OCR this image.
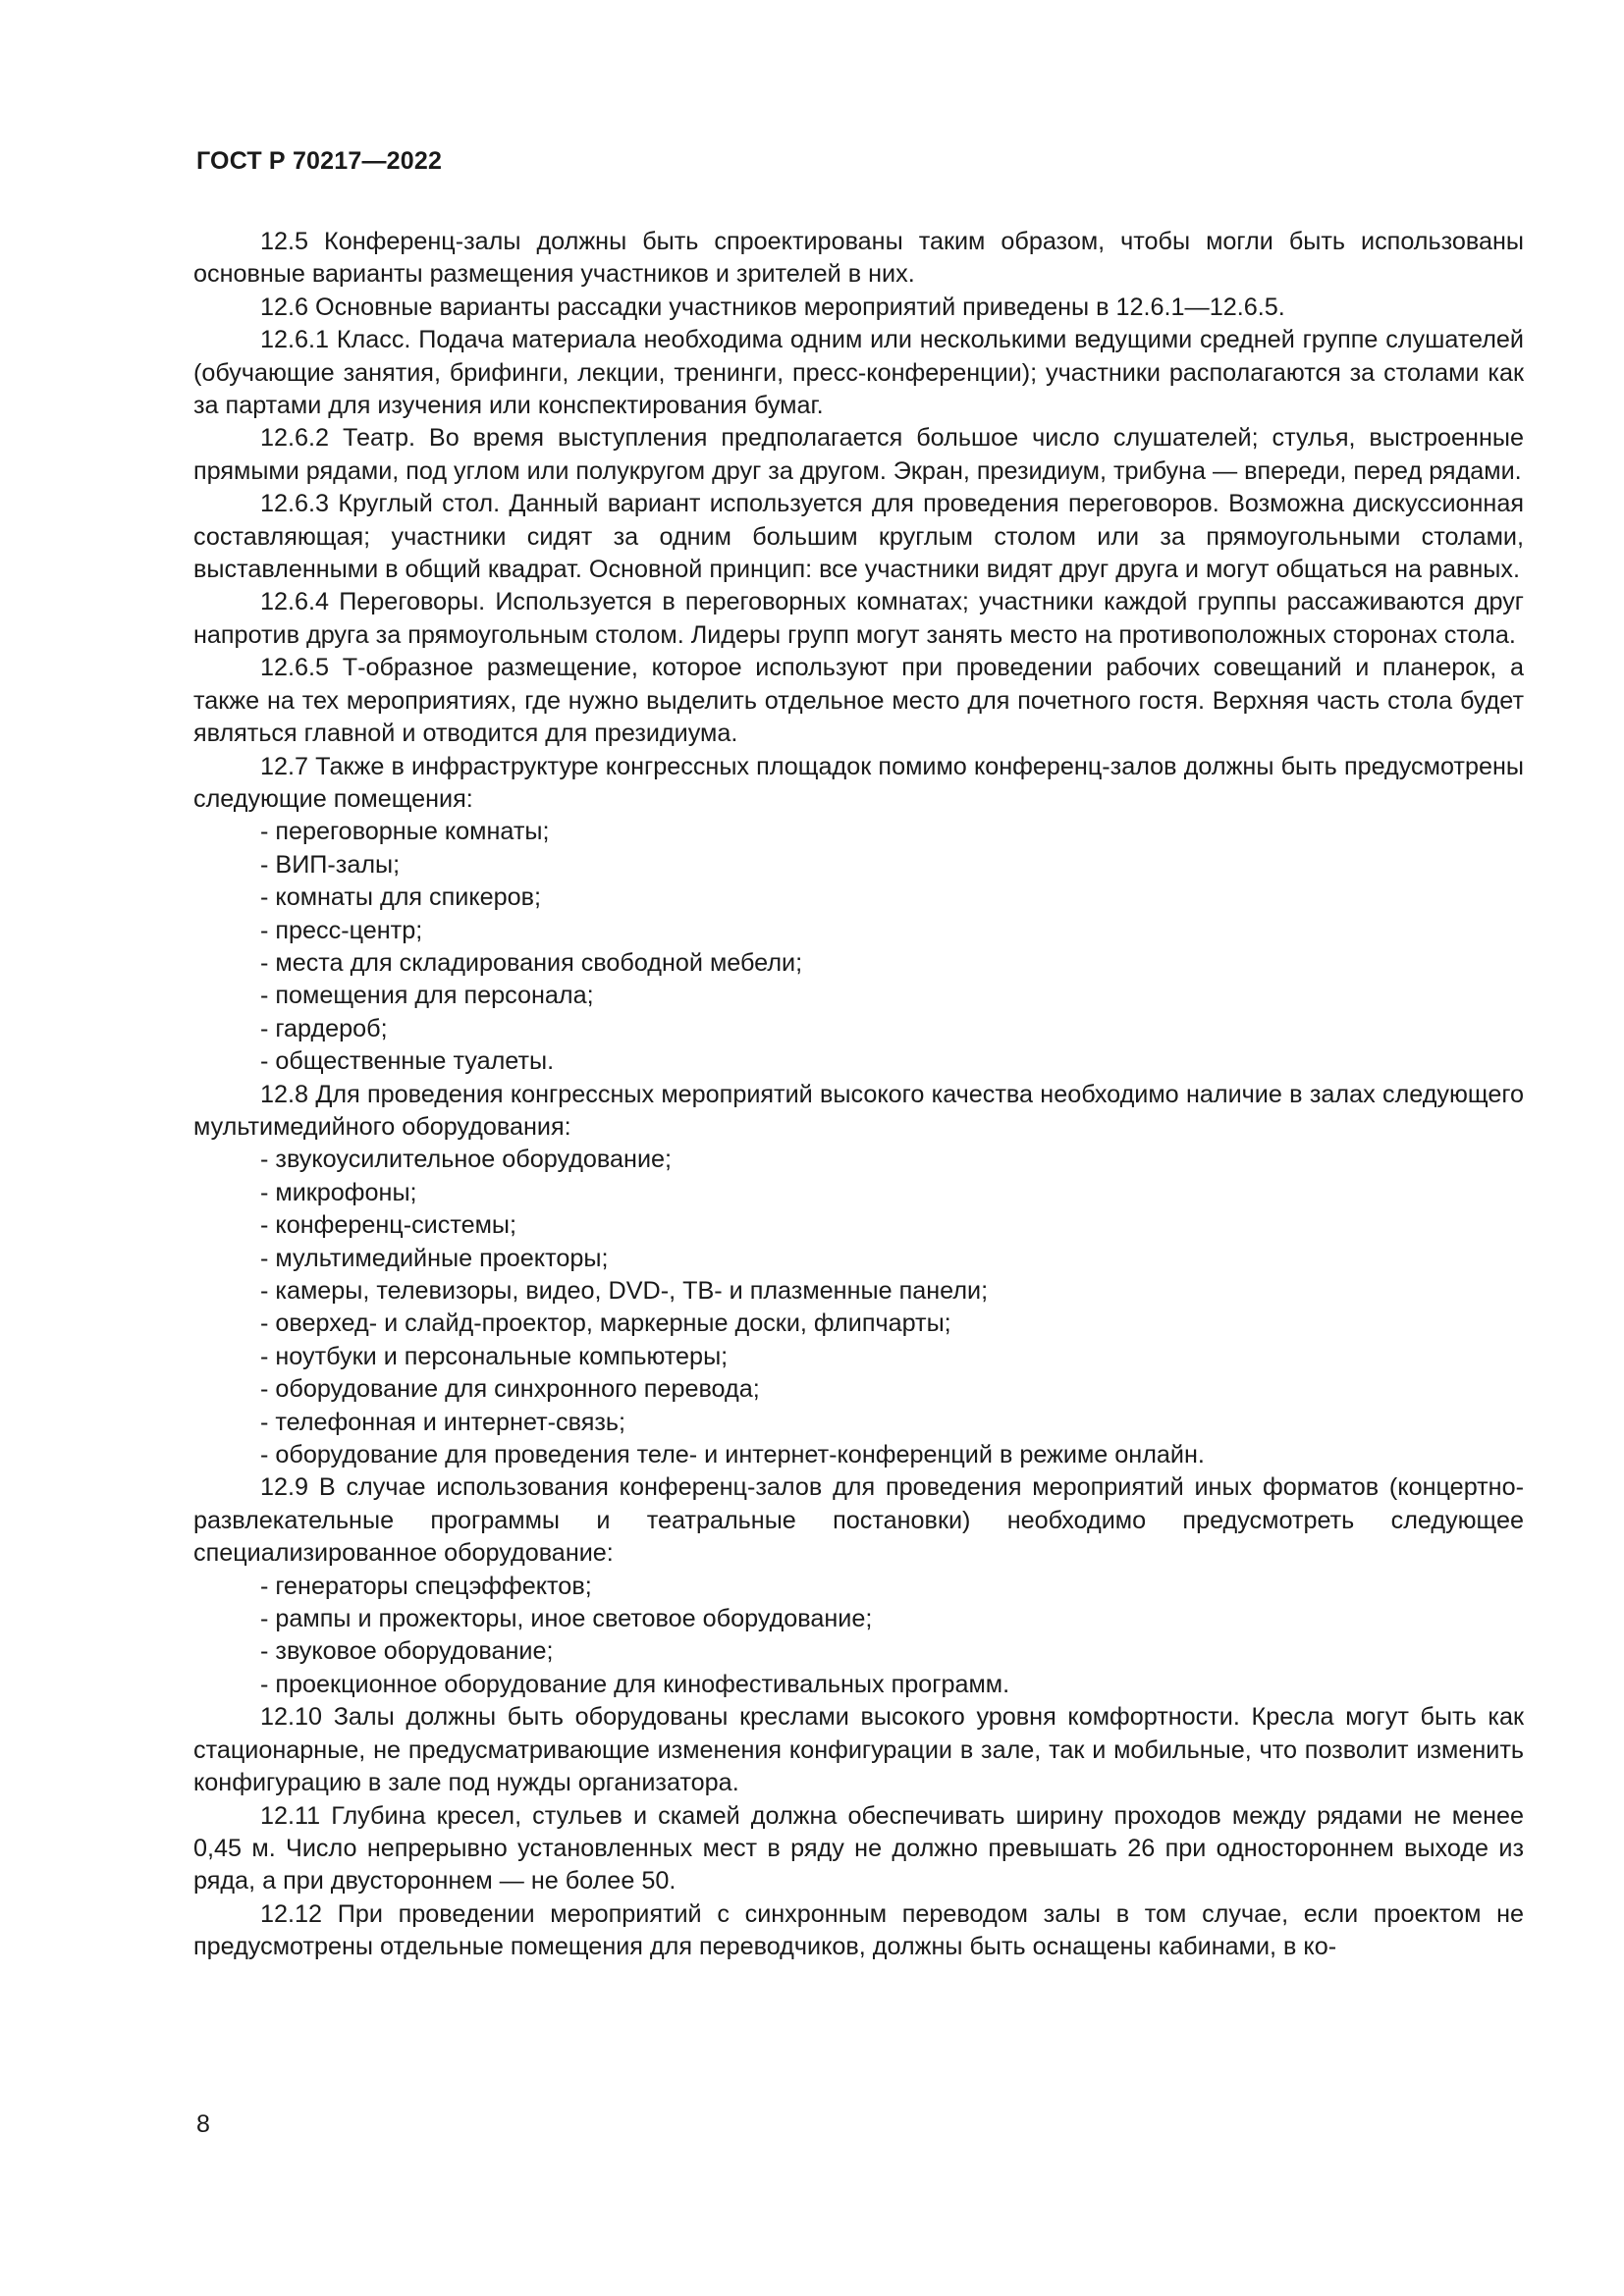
ГОСТ Р 70217—2022

12.5 Конференц-залы должны быть спроектированы таким образом, чтобы могли быть использованы основные варианты размещения участников и зрителей в них.

12.6 Основные варианты рассадки участников мероприятий приведены в 12.6.1—12.6.5.

12.6.1 Класс. Подача материала необходима одним или несколькими ведущими средней группе слушателей (обучающие занятия, брифинги, лекции, тренинги, пресс-конференции); участники располагаются за столами как за партами для изучения или конспектирования бумаг.

12.6.2 Театр. Во время выступления предполагается большое число слушателей; стулья, выстроенные прямыми рядами, под углом или полукругом друг за другом. Экран, президиум, трибуна — впереди, перед рядами.

12.6.3 Круглый стол. Данный вариант используется для проведения переговоров. Возможна дискуссионная составляющая; участники сидят за одним большим круглым столом или за прямоугольными столами, выставленными в общий квадрат. Основной принцип: все участники видят друг друга и могут общаться на равных.

12.6.4 Переговоры. Используется в переговорных комнатах; участники каждой группы рассаживаются друг напротив друга за прямоугольным столом. Лидеры групп могут занять место на противоположных сторонах стола.

12.6.5 Т-образное размещение, которое используют при проведении рабочих совещаний и планерок, а также на тех мероприятиях, где нужно выделить отдельное место для почетного гостя. Верхняя часть стола будет являться главной и отводится для президиума.

12.7 Также в инфраструктуре конгрессных площадок помимо конференц-залов должны быть предусмотрены следующие помещения:

- переговорные комнаты;
- ВИП-залы;
- комнаты для спикеров;
- пресс-центр;
- места для складирования свободной мебели;
- помещения для персонала;
- гардероб;
- общественные туалеты.

12.8 Для проведения конгрессных мероприятий высокого качества необходимо наличие в залах следующего мультимедийного оборудования:

- звукоусилительное оборудование;
- микрофоны;
- конференц-системы;
- мультимедийные проекторы;
- камеры, телевизоры, видео, DVD-, ТВ- и плазменные панели;
- оверхед- и слайд-проектор, маркерные доски, флипчарты;
- ноутбуки и персональные компьютеры;
- оборудование для синхронного перевода;
- телефонная и интернет-связь;
- оборудование для проведения теле- и интернет-конференций в режиме онлайн.

12.9 В случае использования конференц-залов для проведения мероприятий иных форматов (концертно-развлекательные программы и театральные постановки) необходимо предусмотреть следующее специализированное оборудование:

- генераторы спецэффектов;
- рампы и прожекторы, иное световое оборудование;
- звуковое оборудование;
- проекционное оборудование для кинофестивальных программ.

12.10 Залы должны быть оборудованы креслами высокого уровня комфортности. Кресла могут быть как стационарные, не предусматривающие изменения конфигурации в зале, так и мобильные, что позволит изменить конфигурацию в зале под нужды организатора.

12.11 Глубина кресел, стульев и скамей должна обеспечивать ширину проходов между рядами не менее 0,45 м. Число непрерывно установленных мест в ряду не должно превышать 26 при одностороннем выходе из ряда, а при двустороннем — не более 50.

12.12 При проведении мероприятий с синхронным переводом залы в том случае, если проектом не предусмотрены отдельные помещения для переводчиков, должны быть оснащены кабинами, в ко-

8
